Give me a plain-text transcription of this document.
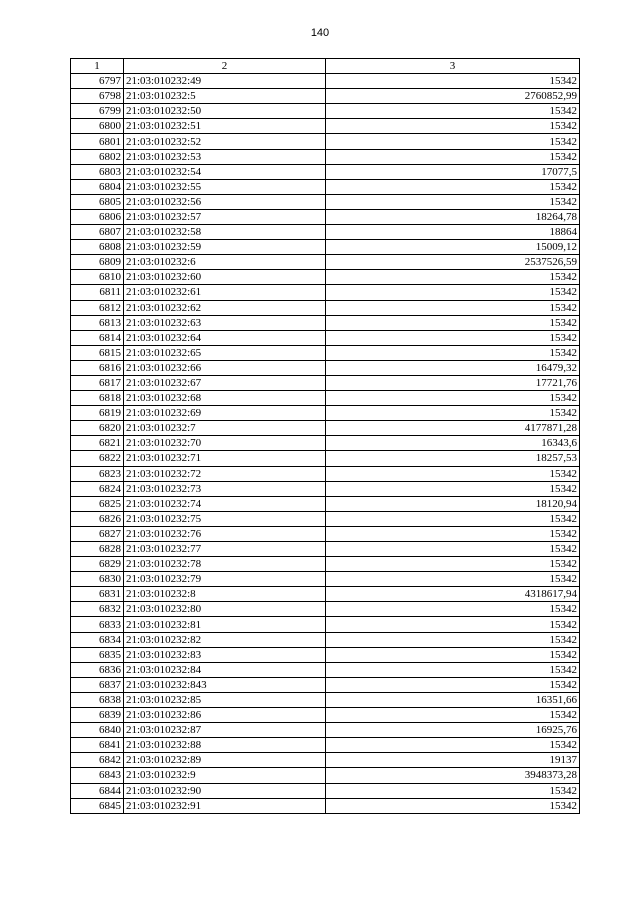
140
1	2	3
6797	21:03:010232:49	15342
6798	21:03:010232:5	2760852,99
6799	21:03:010232:50	15342
6800	21:03:010232:51	15342
6801	21:03:010232:52	15342
6802	21:03:010232:53	15342
6803	21:03:010232:54	17077,5
6804	21:03:010232:55	15342
6805	21:03:010232:56	15342
6806	21:03:010232:57	18264,78
6807	21:03:010232:58	18864
6808	21:03:010232:59	15009,12
6809	21:03:010232:6	2537526,59
6810	21:03:010232:60	15342
6811	21:03:010232:61	15342
6812	21:03:010232:62	15342
6813	21:03:010232:63	15342
6814	21:03:010232:64	15342
6815	21:03:010232:65	15342
6816	21:03:010232:66	16479,32
6817	21:03:010232:67	17721,76
6818	21:03:010232:68	15342
6819	21:03:010232:69	15342
6820	21:03:010232:7	4177871,28
6821	21:03:010232:70	16343,6
6822	21:03:010232:71	18257,53
6823	21:03:010232:72	15342
6824	21:03:010232:73	15342
6825	21:03:010232:74	18120,94
6826	21:03:010232:75	15342
6827	21:03:010232:76	15342
6828	21:03:010232:77	15342
6829	21:03:010232:78	15342
6830	21:03:010232:79	15342
6831	21:03:010232:8	4318617,94
6832	21:03:010232:80	15342
6833	21:03:010232:81	15342
6834	21:03:010232:82	15342
6835	21:03:010232:83	15342
6836	21:03:010232:84	15342
6837	21:03:010232:843	15342
6838	21:03:010232:85	16351,66
6839	21:03:010232:86	15342
6840	21:03:010232:87	16925,76
6841	21:03:010232:88	15342
6842	21:03:010232:89	19137
6843	21:03:010232:9	3948373,28
6844	21:03:010232:90	15342
6845	21:03:010232:91	15342
